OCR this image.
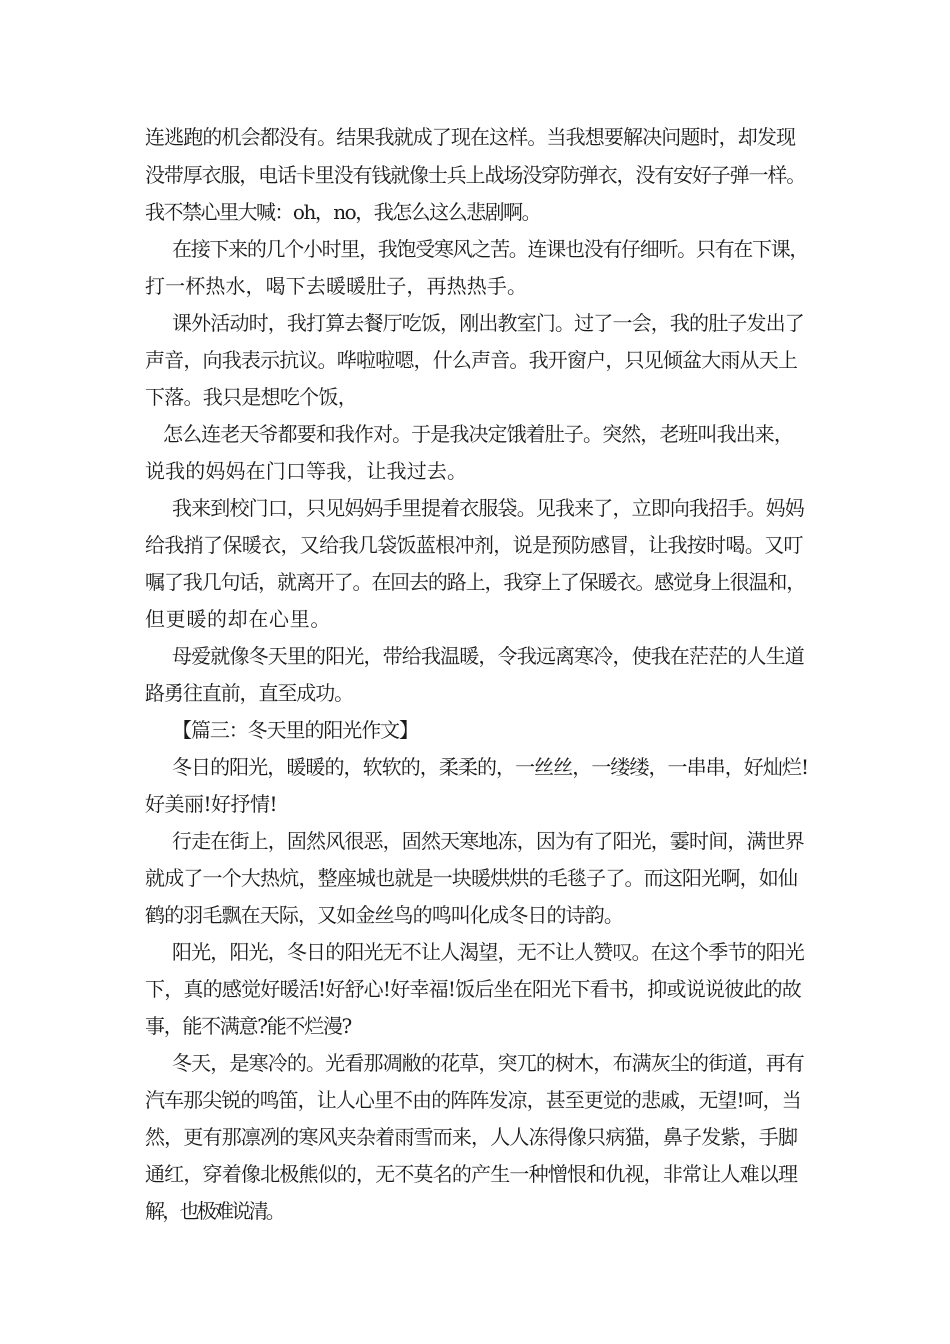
连逃跑的机会都没有。结果我就成了现在这样。当我想要解决问题时，却发现
没带厚衣服，电话卡里没有钱就像士兵上战场没穿防弹衣，没有安好子弹一样。
我不禁心里大喊：oh，no，我怎么这么悲剧啊。
在接下来的几个小时里，我饱受寒风之苦。连课也没有仔细听。只有在下课，
打一杯热水，喝下去暖暖肚子，再热热手。
课外活动时，我打算去餐厅吃饭，刚出教室门。过了一会，我的肚子发出了
声音，向我表示抗议。哗啦啦嗯，什么声音。我开窗户，只见倾盆大雨从天上
下落。我只是想吃个饭，
怎么连老天爷都要和我作对。于是我决定饿着肚子。突然，老班叫我出来，
说我的妈妈在门口等我，让我过去。
我来到校门口，只见妈妈手里提着衣服袋。见我来了，立即向我招手。妈妈
给我捎了保暖衣，又给我几袋饭蓝根冲剂，说是预防感冒，让我按时喝。又叮
嘱了我几句话，就离开了。在回去的路上，我穿上了保暖衣。感觉身上很温和，
但更暖的却在心里。
母爱就像冬天里的阳光，带给我温暖，令我远离寒冷，使我在茫茫的人生道
路勇往直前，直至成功。
【篇三：冬天里的阳光作文】
冬日的阳光，暖暖的，软软的，柔柔的，一丝丝，一缕缕，一串串，好灿烂!
好美丽!好抒情!
行走在街上，固然风很恶，固然天寒地冻，因为有了阳光，霎时间，满世界
就成了一个大热炕，整座城也就是一块暖烘烘的毛毯子了。而这阳光啊，如仙
鹤的羽毛飘在天际，又如金丝鸟的鸣叫化成冬日的诗韵。
阳光，阳光，冬日的阳光无不让人渴望，无不让人赞叹。在这个季节的阳光
下，真的感觉好暖活!好舒心!好幸福!饭后坐在阳光下看书，抑或说说彼此的故
事，能不满意?能不烂漫?
冬天，是寒冷的。光看那凋敝的花草，突兀的树木，布满灰尘的街道，再有
汽车那尖锐的鸣笛，让人心里不由的阵阵发凉，甚至更觉的悲戚，无望!呵，当
然，更有那凛冽的寒风夹杂着雨雪而来，人人冻得像只病猫，鼻子发紫，手脚
通红，穿着像北极熊似的，无不莫名的产生一种憎恨和仇视，非常让人难以理
解，也极难说清。
